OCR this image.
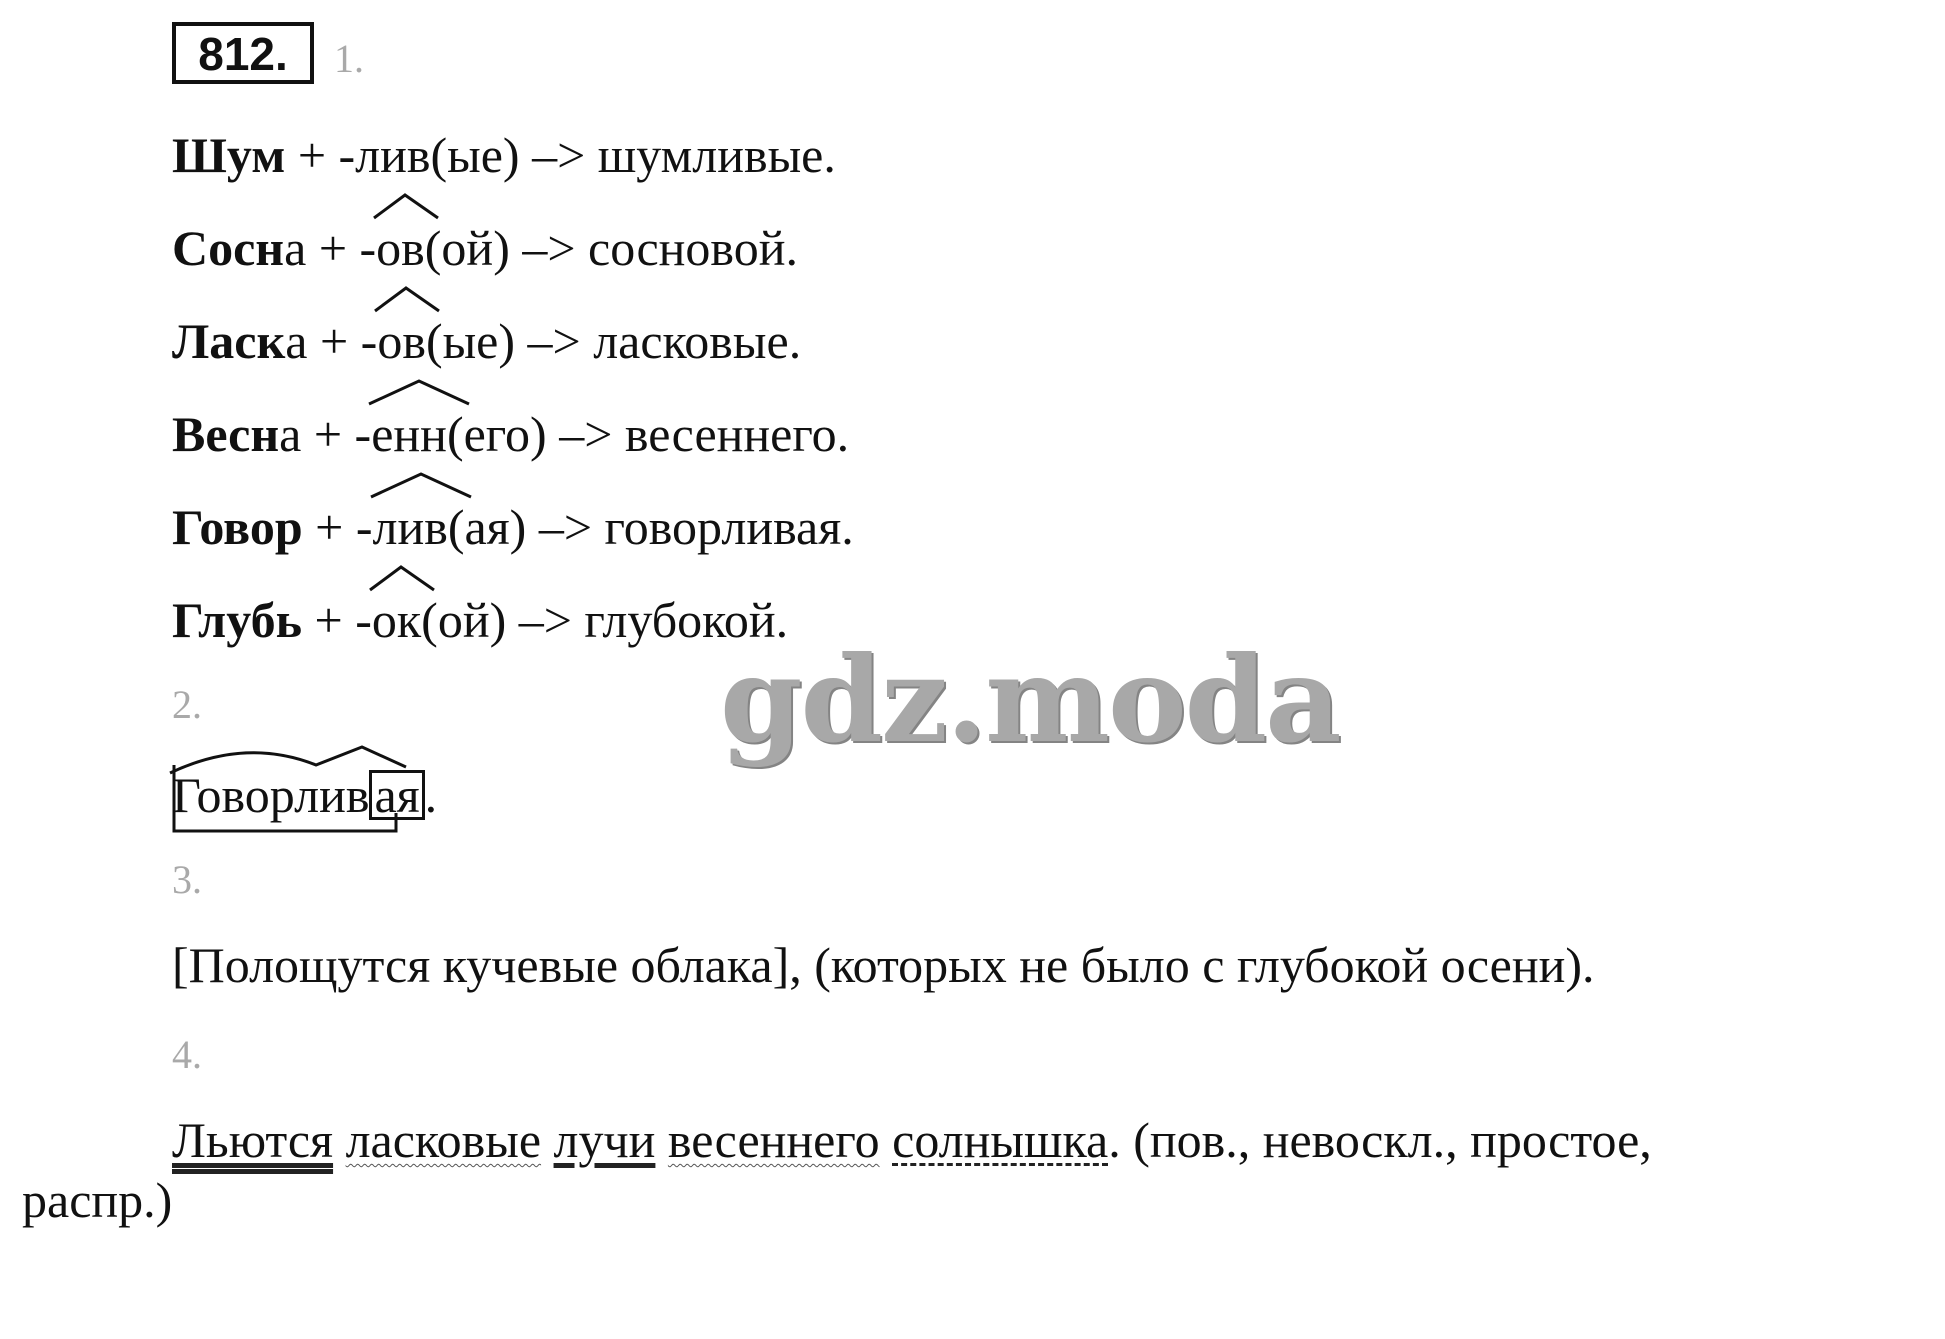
812.	1.
Шум + -лив(ые) –> шумливые.
Сосна + -
ов(ой) –> сосновой.
Ласка + -
ов(ые) –> ласковые.
Весна + -
енн(его) –> весеннего.
Говор + -
лив(ая) –> говорливая.
Глубь + -
ок(ой) –> глубокой.
gdz.moda
2.
Говорлив ая .
3.
[Полощутся кучевые облака], (которых не было с глубокой осени).
4.
Льются ласковые лучи весеннего солнышка. (пов., невоскл., простое,
распр.)
